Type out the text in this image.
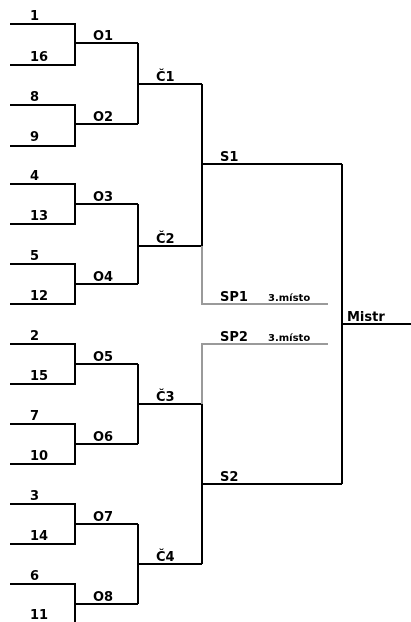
1
16
8
9
4
13
5
12
2
15
7
10
3
14
6
11
O1
O2
O3
O4
O5
O6
O7
O8
Č1
Č2
Č3
Č4
S1
S2
SP1 3.místo
SP2 3.místo
Mistr
